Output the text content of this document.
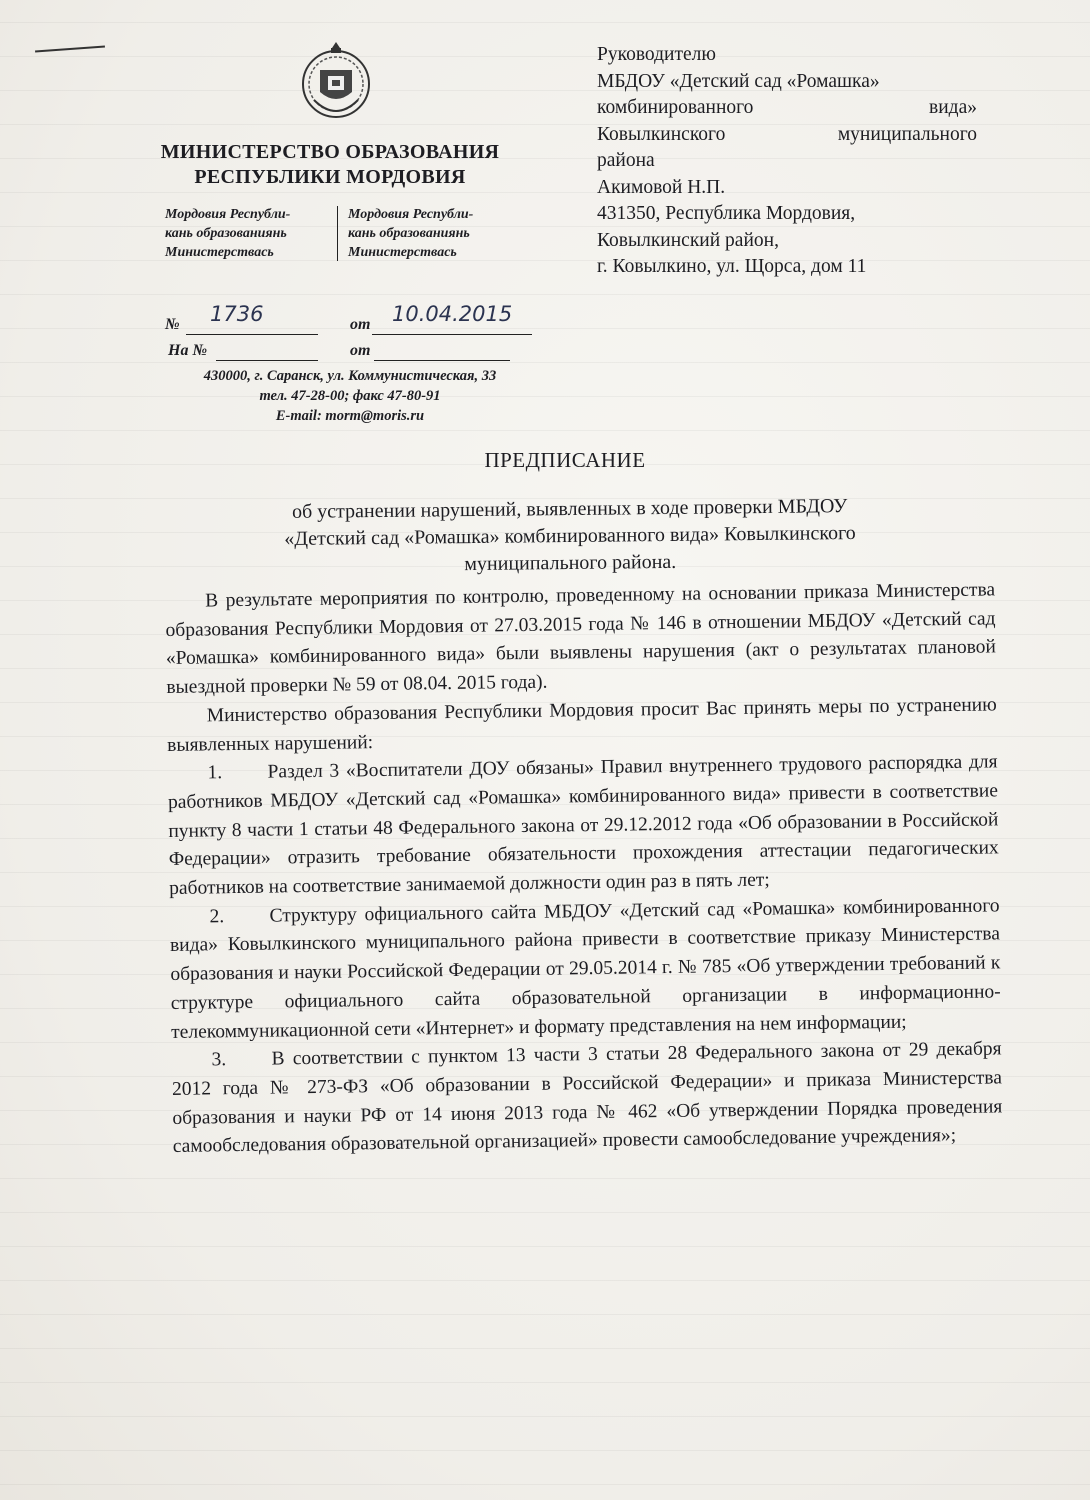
МИНИСТЕРСТВО ОБРАЗОВАНИЯ
РЕСПУБЛИКИ МОРДОВИЯ
Мордовия Республи-
кань образованиянь
Министерствась
Мордовия Республи-
кань образованиянь
Министерствась
Руководителю
МБДОУ «Детский сад «Ромашка»
комбинированного вида»
Ковылкинского муниципального
района
Акимовой Н.П.
431350, Республика Мордовия,
Ковылкинский район,
г. Ковылкино, ул. Щорса, дом 11
№ 1736	от 10.04.2015
На №	от
430000, г. Саранск, ул. Коммунистическая, 33
тел. 47-28-00; факс 47-80-91
E-mail: morm@moris.ru
ПРЕДПИСАНИЕ
об устранении нарушений, выявленных в ходе проверки МБДОУ
«Детский сад «Ромашка» комбинированного вида» Ковылкинского
муниципального района.

В результате мероприятия по контролю, проведенному на основании приказа Министерства образования Республики Мордовия от 27.03.2015 года № 146 в отношении МБДОУ «Детский сад «Ромашка» комбинированного вида» были выявлены нарушения (акт о результатах плановой выездной проверки № 59 от 08.04. 2015 года).

Министерство образования Республики Мордовия просит Вас принять меры по устранению выявленных нарушений:

1. Раздел 3 «Воспитатели ДОУ обязаны» Правил внутреннего трудового распорядка для работников МБДОУ «Детский сад «Ромашка» комбинированного вида» привести в соответствие пункту 8 части 1 статьи 48 Федерального закона от 29.12.2012 года «Об образовании в Российской Федерации» отразить требование обязательности прохождения аттестации педагогических работников на соответствие занимаемой должности один раз в пять лет;

2. Структуру официального сайта МБДОУ «Детский сад «Ромашка» комбинированного вида» Ковылкинского муниципального района привести в соответствие приказу Министерства образования и науки Российской Федерации от 29.05.2014 г. № 785 «Об утверждении требований к структуре официального сайта образовательной организации в информационно-телекоммуникационной сети «Интернет» и формату представления на нем информации;

3. В соответствии с пунктом 13 части 3 статьи 28 Федерального закона от 29 декабря 2012 года № 273-ФЗ «Об образовании в Российской Федерации» и приказа Министерства образования и науки РФ от 14 июня 2013 года № 462 «Об утверждении Порядка проведения самообследования образовательной организацией» провести самообследование учреждения»;
